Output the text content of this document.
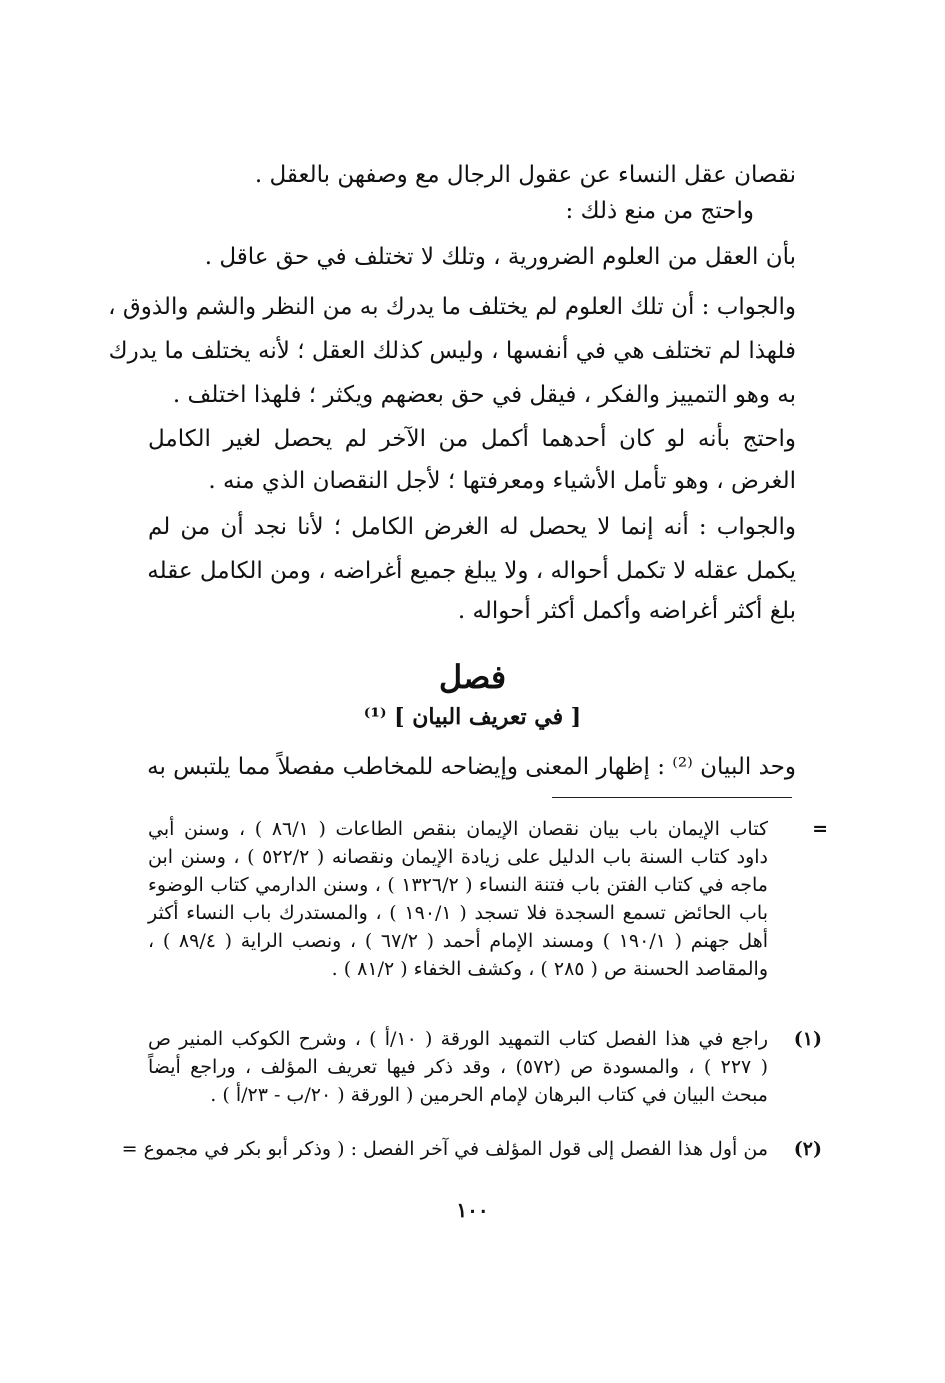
نقصان عقل النساء عن عقول الرجال مع وصفهن بالعقل .
واحتج من منع ذلك :
بأن العقل من العلوم الضرورية ، وتلك لا تختلف في حق عاقل .
والجواب : أن تلك العلوم لم يختلف ما يدرك به من النظر والشم والذوق ،
فلهذا لم تختلف هي في أنفسها ، وليس كذلك العقل ؛ لأنه يختلف ما يدرك
به وهو التمييز والفكر ، فيقل في حق بعضهم ويكثر ؛ فلهذا اختلف .
واحتج بأنه لو كان أحدهما أكمل من الآخر لم يحصل لغير الكامل
الغرض ، وهو تأمل الأشياء ومعرفتها ؛ لأجل النقصان الذي منه .
والجواب : أنه إنما لا يحصل له الغرض الكامل ؛ لأنا نجد أن من لم
يكمل عقله لا تكمل أحواله ، ولا يبلغ جميع أغراضه ، ومن الكامل عقله
بلغ أكثر أغراضه وأكمل أكثر أحواله .
فصل
[ في تعريف البيان ] ⁽¹⁾
وحد البيان ⁽²⁾ : إظهار المعنى وإيضاحه للمخاطب مفصلاً مما يلتبس به
=
كتاب الإيمان باب بيان نقصان الإيمان بنقص الطاعات ( ٨٦/١ ) ، وسنن أبي
داود كتاب السنة باب الدليل على زيادة الإيمان ونقصانه ( ٥٢٢/٢ ) ، وسنن ابن
ماجه في كتاب الفتن باب فتنة النساء ( ١٣٢٦/٢ ) ، وسنن الدارمي كتاب الوضوء
باب الحائض تسمع السجدة فلا تسجد ( ١٩٠/١ ) ، والمستدرك باب النساء أكثر
أهل جهنم ( ١٩٠/١ ) ومسند الإمام أحمد ( ٦٧/٢ ) ، ونصب الراية ( ٨٩/٤ ) ،
والمقاصد الحسنة ص ( ٢٨٥ ) ، وكشف الخفاء ( ٨١/٢ ) .
(١)
راجع في هذا الفصل كتاب التمهيد الورقة ( ١٠/أ ) ، وشرح الكوكب المنير ص
( ٢٢٧ ) ، والمسودة ص (٥٧٢) ، وقد ذكر فيها تعريف المؤلف ، وراجع أيضاً
مبحث البيان في كتاب البرهان لإمام الحرمين ( الورقة ( ٢٠/ب - ٢٣/أ ) .
(٢)
من أول هذا الفصل إلى قول المؤلف في آخر الفصل : ( وذكر أبو بكر في مجموع =
١٠٠
